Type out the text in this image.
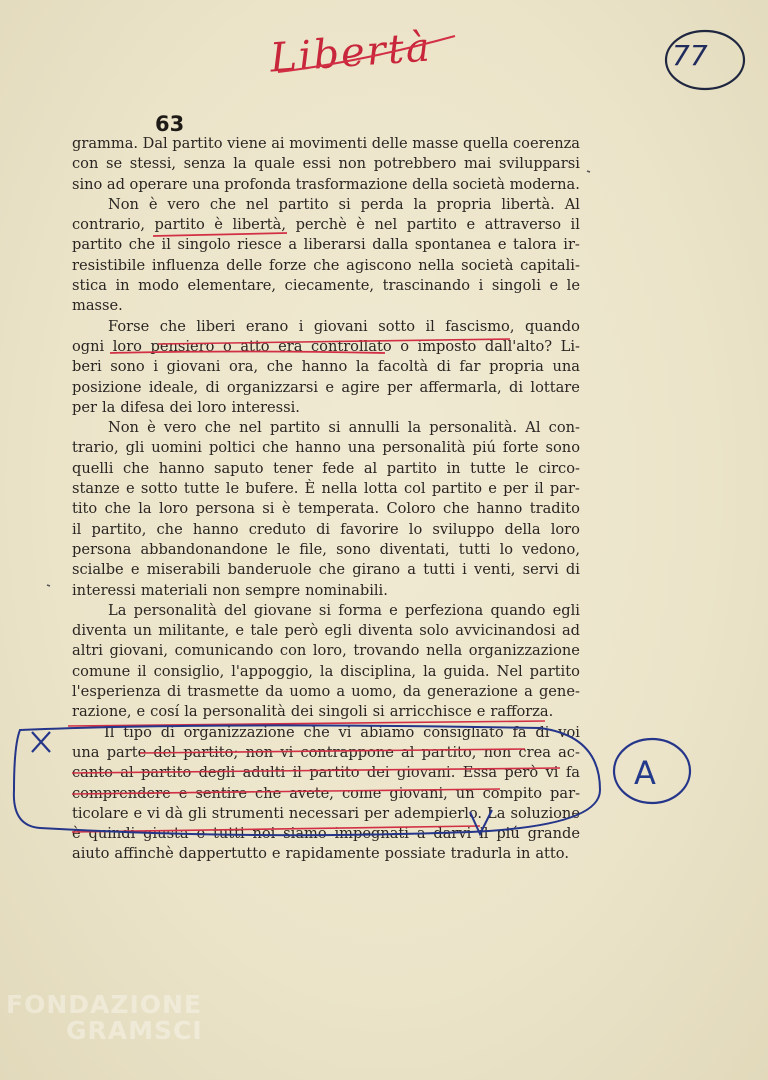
Libertà	77
63
gramma. Dal partito viene ai movimenti delle masse quella coerenza
con se stessi, senza la quale essi non potrebbero mai svilupparsi
sino ad operare una profonda trasformazione della società moderna.
Non è vero che nel partito si perda la propria libertà. Al
contrario, partito è libertà, perchè è nel partito e attraverso il
partito che il singolo riesce a liberarsi dalla spontanea e talora ir-
resistibile influenza delle forze che agiscono nella società capitali-
stica in modo elementare, ciecamente, trascinando i singoli e le
masse.
Forse che liberi erano i giovani sotto il fascismo, quando
ogni loro pensiero o atto era controllato o imposto dall'alto? Li-
beri sono i giovani ora, che hanno la facoltà di far propria una
posizione ideale, di organizzarsi e agire per affermarla, di lottare
per la difesa dei loro interessi.
Non è vero che nel partito si annulli la personalità. Al con-
trario, gli uomini poltici che hanno una personalità piú forte sono
quelli che hanno saputo tener fede al partito in tutte le circo-
stanze e sotto tutte le bufere. È nella lotta col partito e per il par-
tito che la loro persona si è temperata. Coloro che hanno tradito
il partito, che hanno creduto di favorire lo sviluppo della loro
persona abbandonandone le file, sono diventati, tutti lo vedono,
scialbe e miserabili banderuole che girano a tutti i venti, servi di
interessi materiali non sempre nominabili.
La personalità del giovane si forma e perfeziona quando egli
diventa un militante, e tale però egli diventa solo avvicinandosi ad
altri giovani, comunicando con loro, trovando nella organizzazione
comune il consiglio, l'appoggio, la disciplina, la guida. Nel partito
l'esperienza di trasmette da uomo a uomo, da generazione a gene-
razione, e cosí la personalità dei singoli si arricchisce e rafforza.
Il tipo di organizzazione che vi abiamo consigliato fa di voi
una parte del partito; non vi contrappone al partito, non crea ac-
canto al partito degli adulti il partito dei giovani. Essa però vi fa
comprendere e sentire che avete, come giovani, un compito par-
ticolare e vi dà gli strumenti necessari per adempierlo. La soluzione
è quindi giusta e tutti noi siamo impegnati a darvi il piú grande
aiuto affinchè dappertutto e rapidamente possiate tradurla in atto.
A
FONDAZIONE
GRAMSCI
